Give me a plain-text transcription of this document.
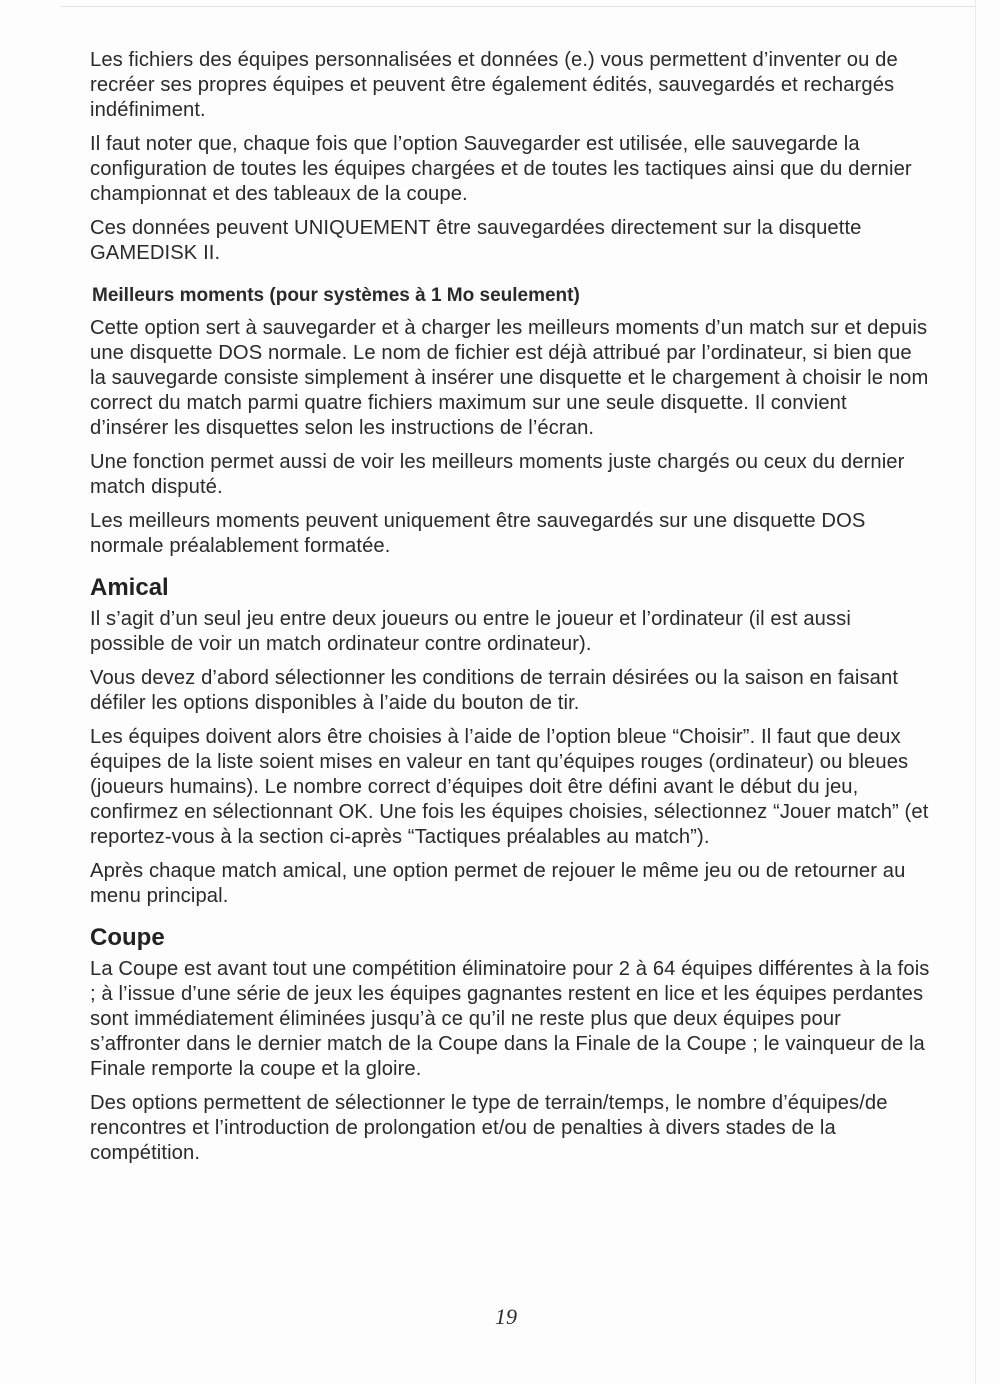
Les fichiers des équipes personnalisées et données (e.) vous permettent d’inventer ou de recréer ses propres équipes et peuvent être également édités, sauvegardés et rechargés indéfiniment.

Il faut noter que, chaque fois que l’option Sauvegarder est utilisée, elle sauvegarde la configuration de toutes les équipes chargées et de toutes les tactiques ainsi que du dernier championnat et des tableaux de la coupe.

Ces données peuvent UNIQUEMENT être sauvegardées directement sur la disquette GAMEDISK II.

Meilleurs moments (pour systèmes à 1 Mo seulement)

Cette option sert à sauvegarder et à charger les meilleurs moments d’un match sur et depuis une disquette DOS normale. Le nom de fichier est déjà attribué par l’ordinateur, si bien que la sauvegarde consiste simplement à insérer une disquette et le chargement à choisir le nom correct du match parmi quatre fichiers maximum sur une seule disquette. Il convient d’insérer les disquettes selon les instructions de l’écran.

Une fonction permet aussi de voir les meilleurs moments juste chargés ou ceux du dernier match disputé.

Les meilleurs moments peuvent uniquement être sauvegardés sur une disquette DOS normale préalablement formatée.

Amical

Il s’agit d’un seul jeu entre deux joueurs ou entre le joueur et l’ordinateur (il est aussi possible de voir un match ordinateur contre ordinateur).

Vous devez d’abord sélectionner les conditions de terrain désirées ou la saison en faisant défiler les options disponibles à l’aide du bouton de tir.

Les équipes doivent alors être choisies à l’aide de l’option bleue “Choisir”. Il faut que deux équipes de la liste soient mises en valeur en tant qu’équipes rouges (ordinateur) ou bleues (joueurs humains). Le nombre correct d’équipes doit être défini avant le début du jeu, confirmez en sélectionnant OK. Une fois les équipes choisies, sélectionnez “Jouer match” (et reportez-vous à la section ci-après “Tactiques préalables au match”).

Après chaque match amical, une option permet de rejouer le même jeu ou de retourner au menu principal.

Coupe

La Coupe est avant tout une compétition éliminatoire pour 2 à 64 équipes différentes à la fois ; à l’issue d’une série de jeux les équipes gagnantes restent en lice et les équipes perdantes sont immédiatement éliminées jusqu’à ce qu’il ne reste plus que deux équipes pour s’affronter dans le dernier match de la Coupe dans la Finale de la Coupe ; le vainqueur de la Finale remporte la coupe et la gloire.

Des options permettent de sélectionner le type de terrain/temps, le nombre d’équipes/de rencontres et l’introduction de prolongation et/ou de penalties à divers stades de la compétition.

19
